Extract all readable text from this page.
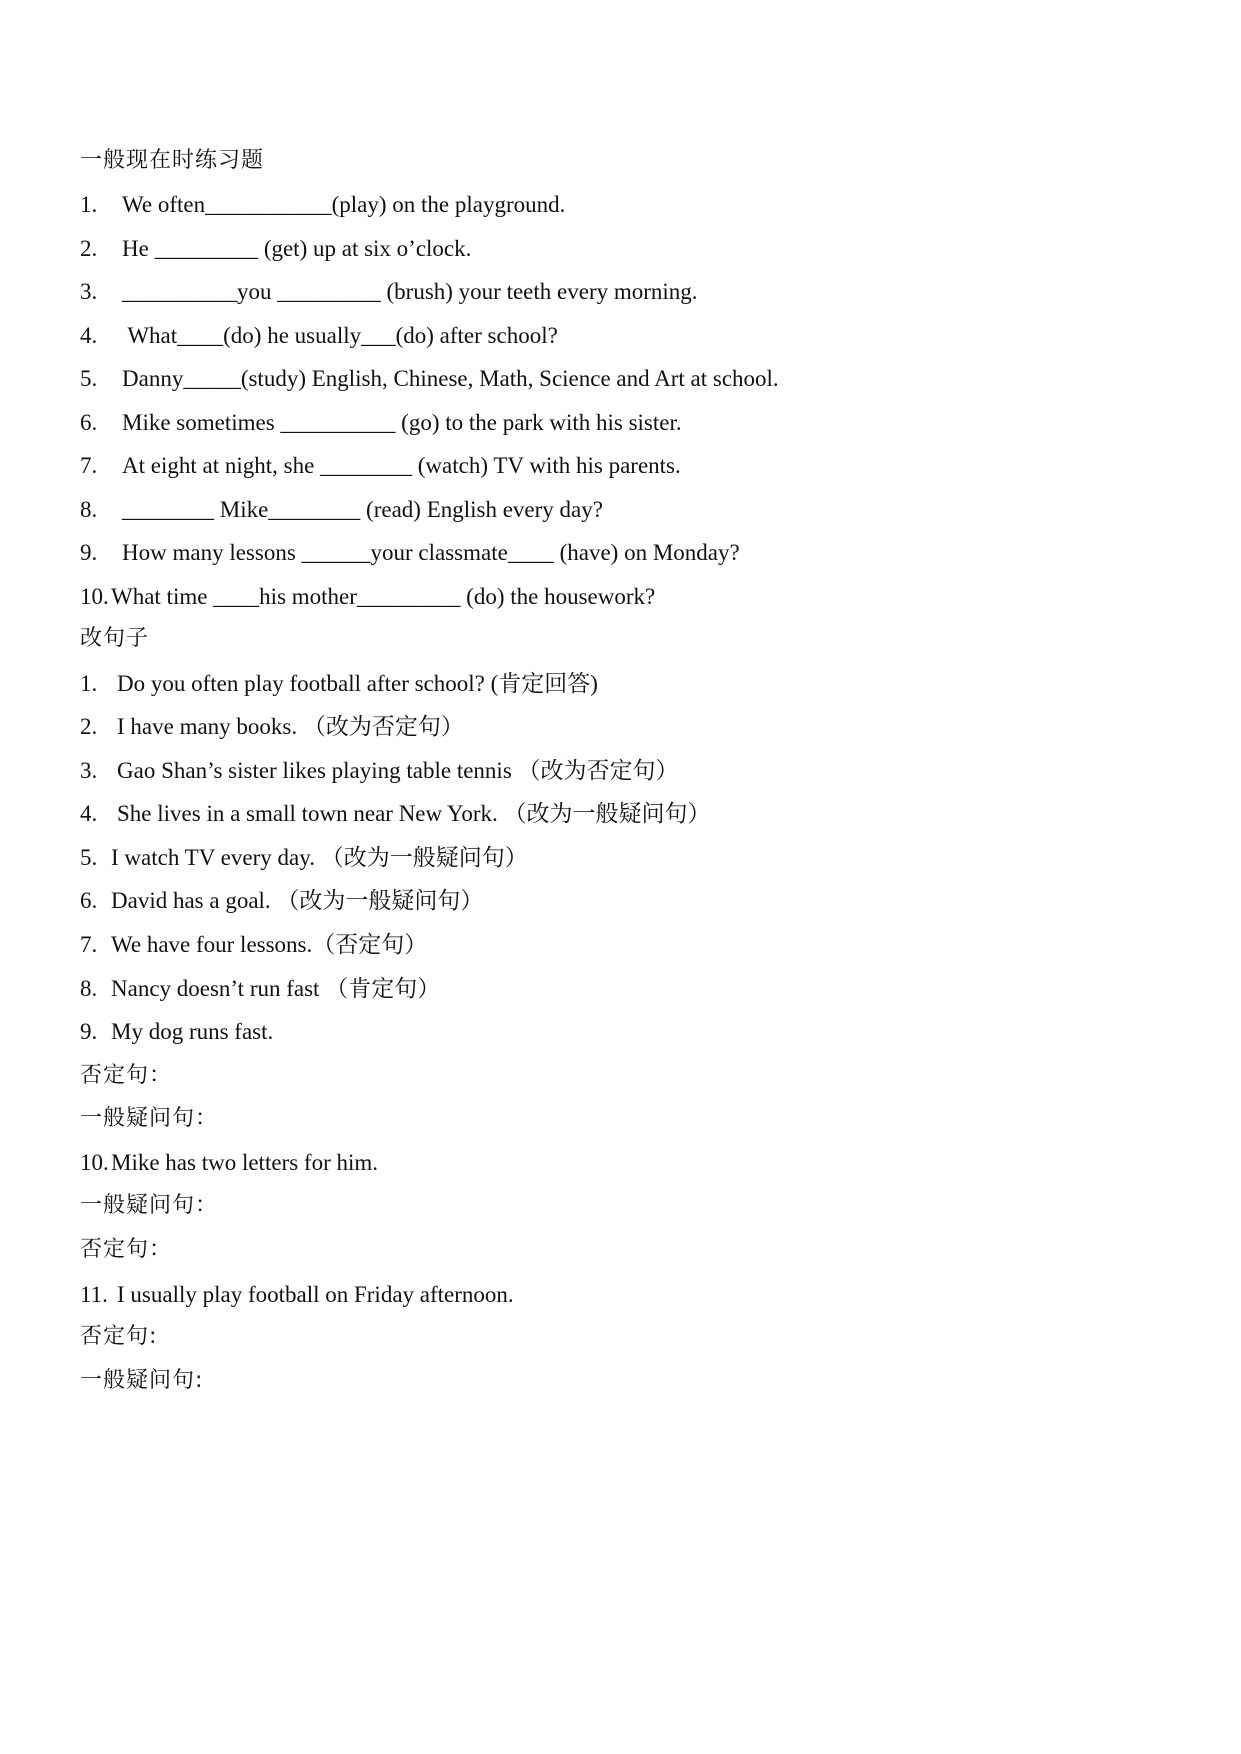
一般现在时练习题
1. We often___________(play) on the playground.
2. He _________ (get) up at six o’clock.
3. __________you _________ (brush) your teeth every morning.
4. What____(do) he usually___(do) after school?
5. Danny_____(study) English, Chinese, Math, Science and Art at school.
6. Mike sometimes __________ (go) to the park with his sister.
7. At eight at night, she ________ (watch) TV with his parents.
8. ________ Mike________ (read) English every day?
9. How many lessons ______your classmate____ (have) on Monday?
10. What time ____his mother_________ (do) the housework?
改句子
1. Do you often play football after school? (肯定回答)
2. I have many books. （改为否定句）
3. Gao Shan’s sister likes playing table tennis （改为否定句）
4. She lives in a small town near New York. （改为一般疑问句）
5. I watch TV every day. （改为一般疑问句）
6. David has a goal. （改为一般疑问句）
7. We have four lessons.（否定句）
8. Nancy doesn’t run fast （肯定句）
9. My dog runs fast.
否定句：
一般疑问句：
10. Mike has two letters for him.
一般疑问句：
否定句：
11. I usually play football on Friday afternoon.
否定句:
一般疑问句:
